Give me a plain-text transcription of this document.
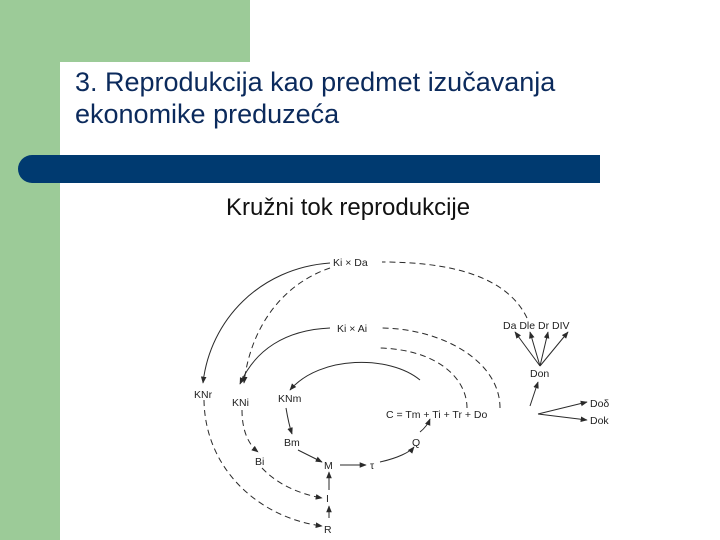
3. Reprodukcija kao predmet izučavanja
ekonomike preduzeća
Kružni tok reprodukcije
Ki × Da
Ki × Ai	Da Dle Dr DIV
Don
Doδ
Dok
KNr
KNi	KNm
C = Tm + Ti + Tr + Do
Bm	Q
Bi	M	τ
I
R
